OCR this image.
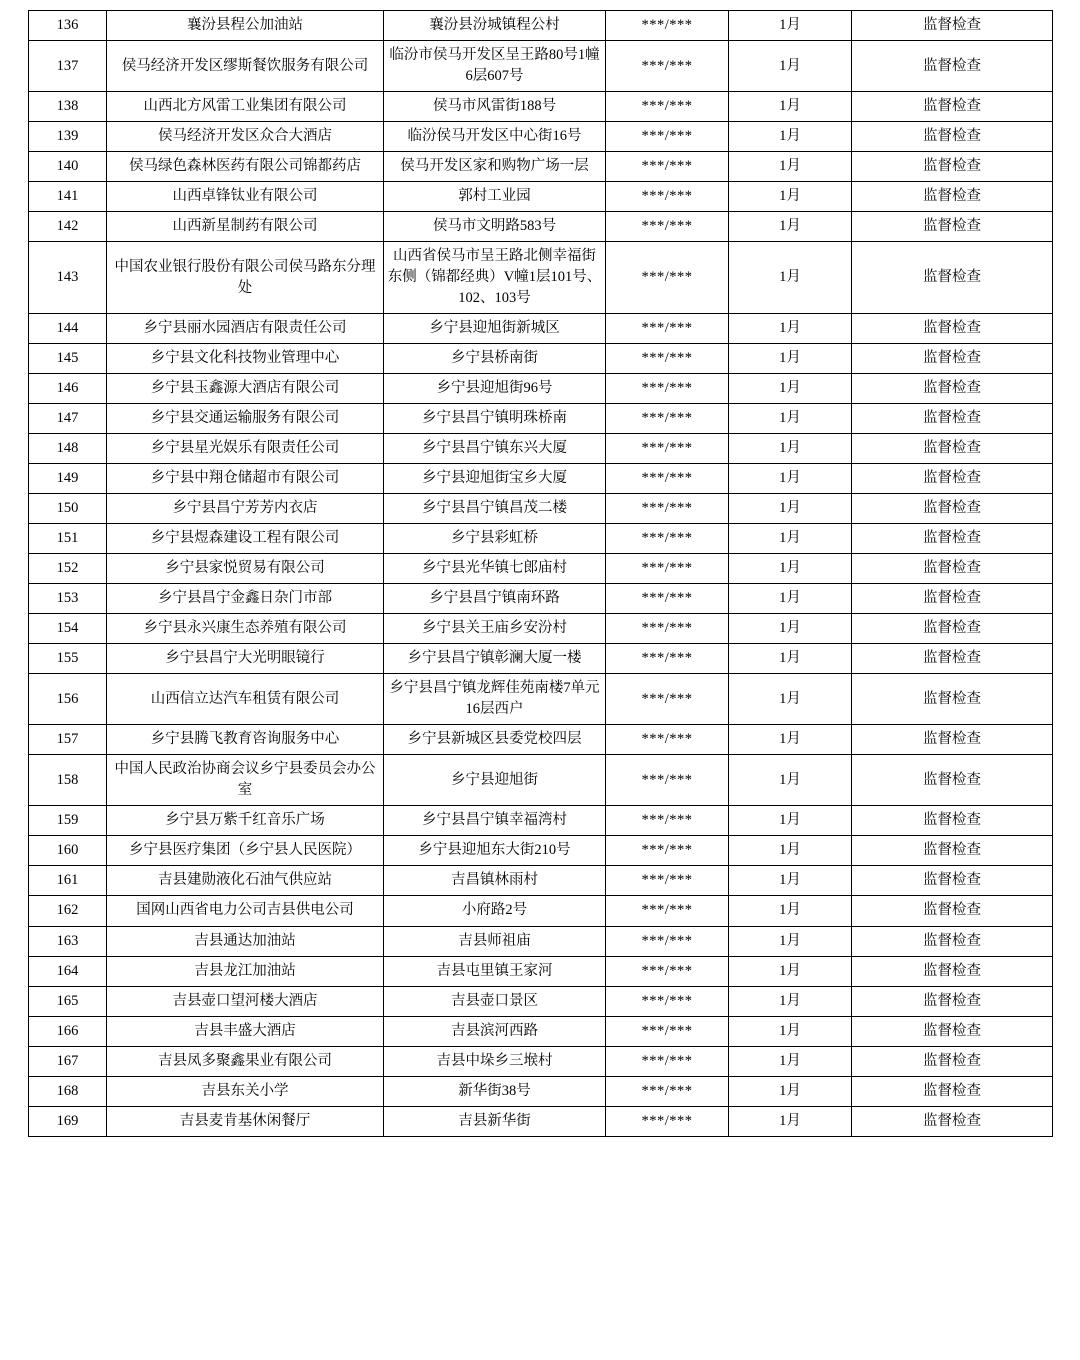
136	襄汾县程公加油站	襄汾县汾城镇程公村	***/***	1月	监督检查
137	侯马经济开发区缪斯餐饮服务有限公司	临汾市侯马开发区呈王路80号1幢6层607号	***/***	1月	监督检查
138	山西北方风雷工业集团有限公司	侯马市风雷街188号	***/***	1月	监督检查
139	侯马经济开发区众合大酒店	临汾侯马开发区中心街16号	***/***	1月	监督检查
140	侯马绿色森林医药有限公司锦都药店	侯马开发区家和购物广场一层	***/***	1月	监督检查
141	山西卓锋钛业有限公司	郭村工业园	***/***	1月	监督检查
142	山西新星制药有限公司	侯马市文明路583号	***/***	1月	监督检查
143	中国农业银行股份有限公司侯马路东分理处	山西省侯马市呈王路北侧幸福街东侧（锦都经典）V幢1层101号、102、103号	***/***	1月	监督检查
144	乡宁县丽水园酒店有限责任公司	乡宁县迎旭街新城区	***/***	1月	监督检查
145	乡宁县文化科技物业管理中心	乡宁县桥南街	***/***	1月	监督检查
146	乡宁县玉鑫源大酒店有限公司	乡宁县迎旭街96号	***/***	1月	监督检查
147	乡宁县交通运输服务有限公司	乡宁县昌宁镇明珠桥南	***/***	1月	监督检查
148	乡宁县星光娱乐有限责任公司	乡宁县昌宁镇东兴大厦	***/***	1月	监督检查
149	乡宁县中翔仓储超市有限公司	乡宁县迎旭街宝乡大厦	***/***	1月	监督检查
150	乡宁县昌宁芳芳内衣店	乡宁县昌宁镇昌茂二楼	***/***	1月	监督检查
151	乡宁县煜森建设工程有限公司	乡宁县彩虹桥	***/***	1月	监督检查
152	乡宁县家悦贸易有限公司	乡宁县光华镇七郎庙村	***/***	1月	监督检查
153	乡宁县昌宁金鑫日杂门市部	乡宁县昌宁镇南环路	***/***	1月	监督检查
154	乡宁县永兴康生态养殖有限公司	乡宁县关王庙乡安汾村	***/***	1月	监督检查
155	乡宁县昌宁大光明眼镜行	乡宁县昌宁镇彰澜大厦一楼	***/***	1月	监督检查
156	山西信立达汽车租赁有限公司	乡宁县昌宁镇龙辉佳苑南楼7单元16层西户	***/***	1月	监督检查
157	乡宁县腾飞教育咨询服务中心	乡宁县新城区县委党校四层	***/***	1月	监督检查
158	中国人民政治协商会议乡宁县委员会办公室	乡宁县迎旭街	***/***	1月	监督检查
159	乡宁县万紫千红音乐广场	乡宁县昌宁镇幸福湾村	***/***	1月	监督检查
160	乡宁县医疗集团（乡宁县人民医院）	乡宁县迎旭东大街210号	***/***	1月	监督检查
161	吉县建勋液化石油气供应站	吉昌镇林雨村	***/***	1月	监督检查
162	国网山西省电力公司吉县供电公司	小府路2号	***/***	1月	监督检查
163	吉县通达加油站	吉县师祖庙	***/***	1月	监督检查
164	吉县龙江加油站	吉县屯里镇王家河	***/***	1月	监督检查
165	吉县壶口望河楼大酒店	吉县壶口景区	***/***	1月	监督检查
166	吉县丰盛大酒店	吉县滨河西路	***/***	1月	监督检查
167	吉县凤多聚鑫果业有限公司	吉县中垛乡三堠村	***/***	1月	监督检查
168	吉县东关小学	新华街38号	***/***	1月	监督检查
169	吉县麦肯基休闲餐厅	吉县新华街	***/***	1月	监督检查
